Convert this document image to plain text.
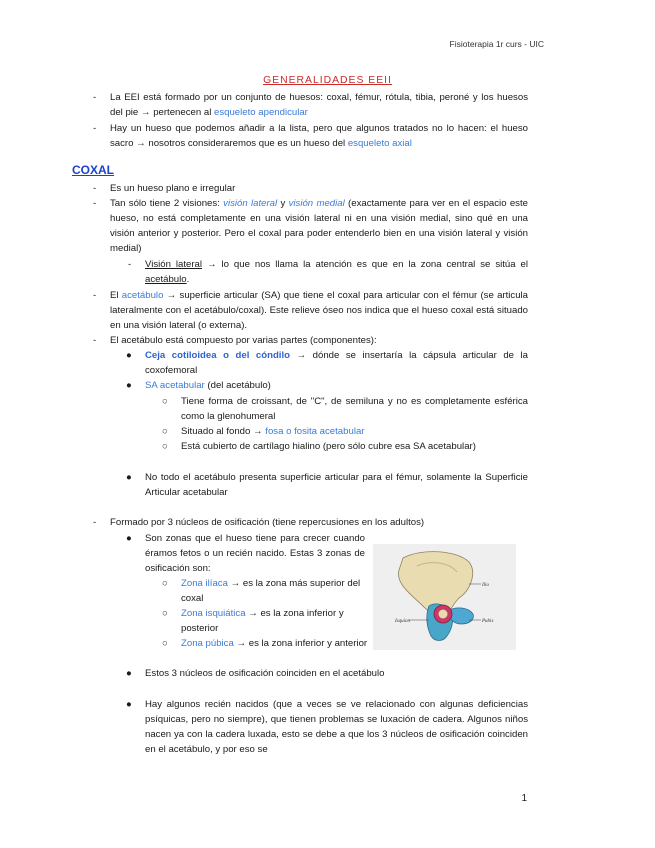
Fisioterapia 1r curs - UIC
GENERALIDADES EEII
- La EEI está formado por un conjunto de huesos: coxal, fémur, rótula, tibia, peroné y los huesos del pie → pertenecen al esqueleto apendicular
- Hay un hueso que podemos añadir a la lista, pero que algunos tratados no lo hacen: el hueso sacro → nosotros consideraremos que es un hueso del esqueleto axial
COXAL
- Es un hueso plano e irregular
- Tan sólo tiene 2 visiones: visión lateral y visión medial (exactamente para ver en el espacio este hueso, no está completamente en una visión lateral ni en una visión medial, sino qué en una visión anterior y posterior. Pero el coxal para poder entenderlo bien en una visión lateral y visión medial)
- Visión lateral → lo que nos llama la atención es que en la zona central se sitúa el acetábulo.
- El acetábulo → superficie articular (SA) que tiene el coxal para articular con el fémur (se articula lateralmente con el acetábulo/coxal). Este relieve óseo nos indica que el hueso coxal está situado en una visión lateral (o externa).
- El acetábulo está compuesto por varias partes (componentes):
● Ceja cotiloidea o del cóndilo → dónde se insertaría la cápsula articular de la coxofemoral
● SA acetabular (del acetábulo)
○ Tiene forma de croissant, de "C", de semiluna y no es completamente esférica como la glenohumeral
○ Situado al fondo → fosa o fosita acetabular
○ Está cubierto de cartílago hialino (pero sólo cubre esa SA acetabular)
● No todo el acetábulo presenta superficie articular para el fémur, solamente la Superficie Articular acetabular
- Formado por 3 núcleos de osificación (tiene repercusiones en los adultos)
● Son zonas que el hueso tiene para crecer cuando éramos fetos o un recién nacido. Estas 3 zonas de osificación son:
○ Zona ilíaca → es la zona más superior del coxal
○ Zona isquiática → es la zona inferior y posterior
○ Zona púbica → es la zona inferior y anterior
● Estos 3 núcleos de osificación coinciden en el acetábulo
● Hay algunos recién nacidos (que a veces se ve relacionado con algunas deficiencias psíquicas, pero no siempre), que tienen problemas se luxación de cadera. Algunos niños nacen ya con la cadera luxada, esto se debe a que los 3 núcleos de osificación coinciden en el acetábulo, y por eso se
Ilio
Isquion	Pubis
1
